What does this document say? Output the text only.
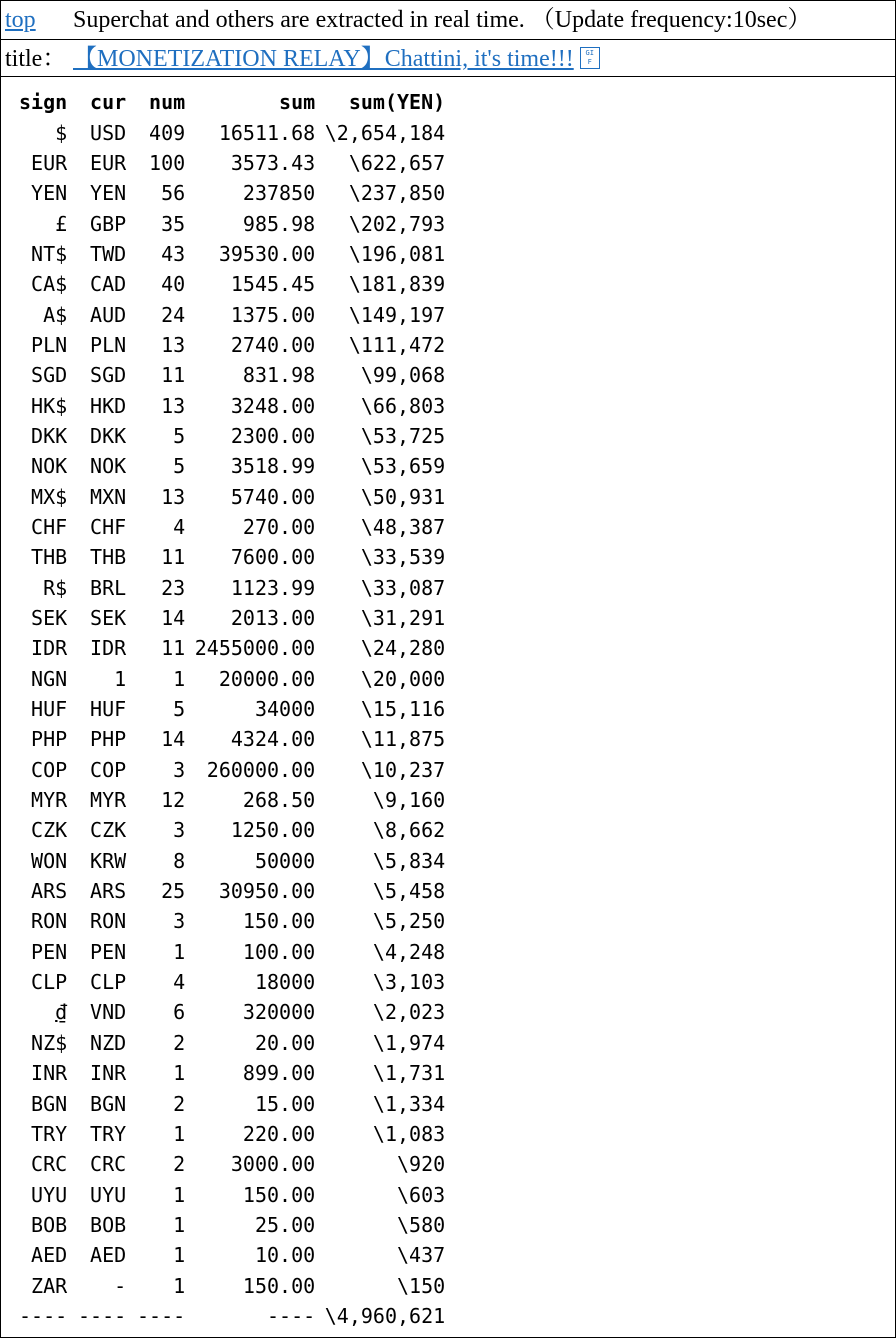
top Superchat and others are extracted in real time. （Update frequency:10sec）
title： 【MONETIZATION RELAY】Chattini, it's time!!! GI
F
sign	cur	num	sum	sum(YEN)
$	USD	409	16511.68	\2,654,184
EUR	EUR	100	3573.43	\622,657
YEN	YEN	56	237850	\237,850
£	GBP	35	985.98	\202,793
NT$	TWD	43	39530.00	\196,081
CA$	CAD	40	1545.45	\181,839
A$	AUD	24	1375.00	\149,197
PLN	PLN	13	2740.00	\111,472
SGD	SGD	11	831.98	\99,068
HK$	HKD	13	3248.00	\66,803
DKK	DKK	5	2300.00	\53,725
NOK	NOK	5	3518.99	\53,659
MX$	MXN	13	5740.00	\50,931
CHF	CHF	4	270.00	\48,387
THB	THB	11	7600.00	\33,539
R$	BRL	23	1123.99	\33,087
SEK	SEK	14	2013.00	\31,291
IDR	IDR	11	2455000.00	\24,280
NGN	1	1	20000.00	\20,000
HUF	HUF	5	34000	\15,116
PHP	PHP	14	4324.00	\11,875
COP	COP	3	260000.00	\10,237
MYR	MYR	12	268.50	\9,160
CZK	CZK	3	1250.00	\8,662
WON	KRW	8	50000	\5,834
ARS	ARS	25	30950.00	\5,458
RON	RON	3	150.00	\5,250
PEN	PEN	1	100.00	\4,248
CLP	CLP	4	18000	\3,103
₫	VND	6	320000	\2,023
NZ$	NZD	2	20.00	\1,974
INR	INR	1	899.00	\1,731
BGN	BGN	2	15.00	\1,334
TRY	TRY	1	220.00	\1,083
CRC	CRC	2	3000.00	\920
UYU	UYU	1	150.00	\603
BOB	BOB	1	25.00	\580
AED	AED	1	10.00	\437
ZAR	-	1	150.00	\150
----	----	----	----	\4,960,621
